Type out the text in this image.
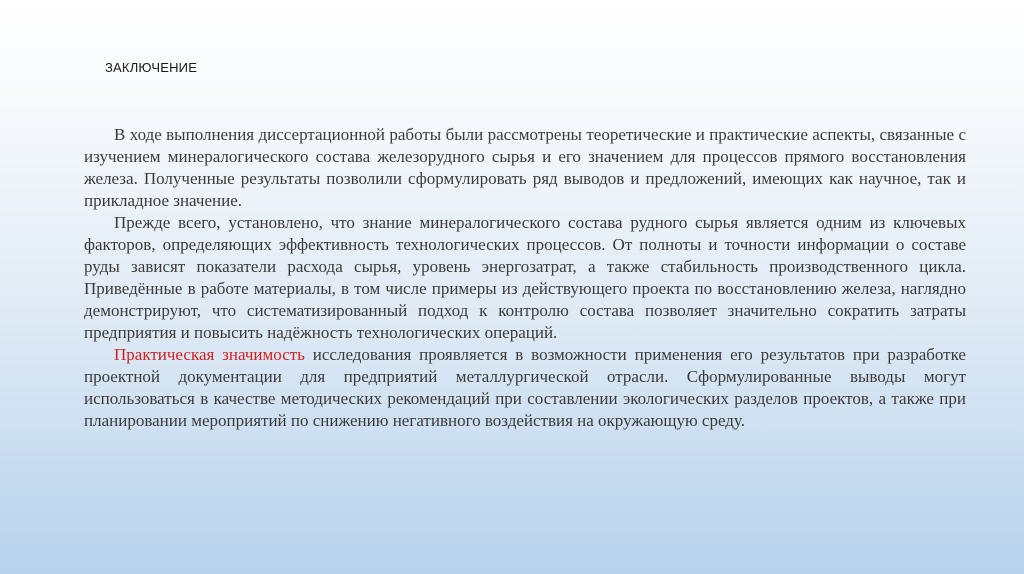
ЗАКЛЮЧЕНИЕ

В ходе выполнения диссертационной работы были рассмотрены теоретические и практические аспекты, связанные с изучением минералогического состава железорудного сырья и его значением для процессов прямого восстановления железа. Полученные результаты позволили сформулировать ряд выводов и предложений, имеющих как научное, так и прикладное значение.

Прежде всего, установлено, что знание минералогического состава рудного сырья является одним из ключевых факторов, определяющих эффективность технологических процессов. От полноты и точности информации о составе руды зависят показатели расхода сырья, уровень энергозатрат, а также стабильность производственного цикла. Приведённые в работе материалы, в том числе примеры из действующего проекта по восстановлению железа, наглядно демонстрируют, что систематизированный подход к контролю состава позволяет значительно сократить затраты предприятия и повысить надёжность технологических операций.

Практическая значимость исследования проявляется в возможности применения его результатов при разработке проектной документации для предприятий металлургической отрасли. Сформулированные выводы могут использоваться в качестве методических рекомендаций при составлении экологических разделов проектов, а также при планировании мероприятий по снижению негативного воздействия на окружающую среду.
